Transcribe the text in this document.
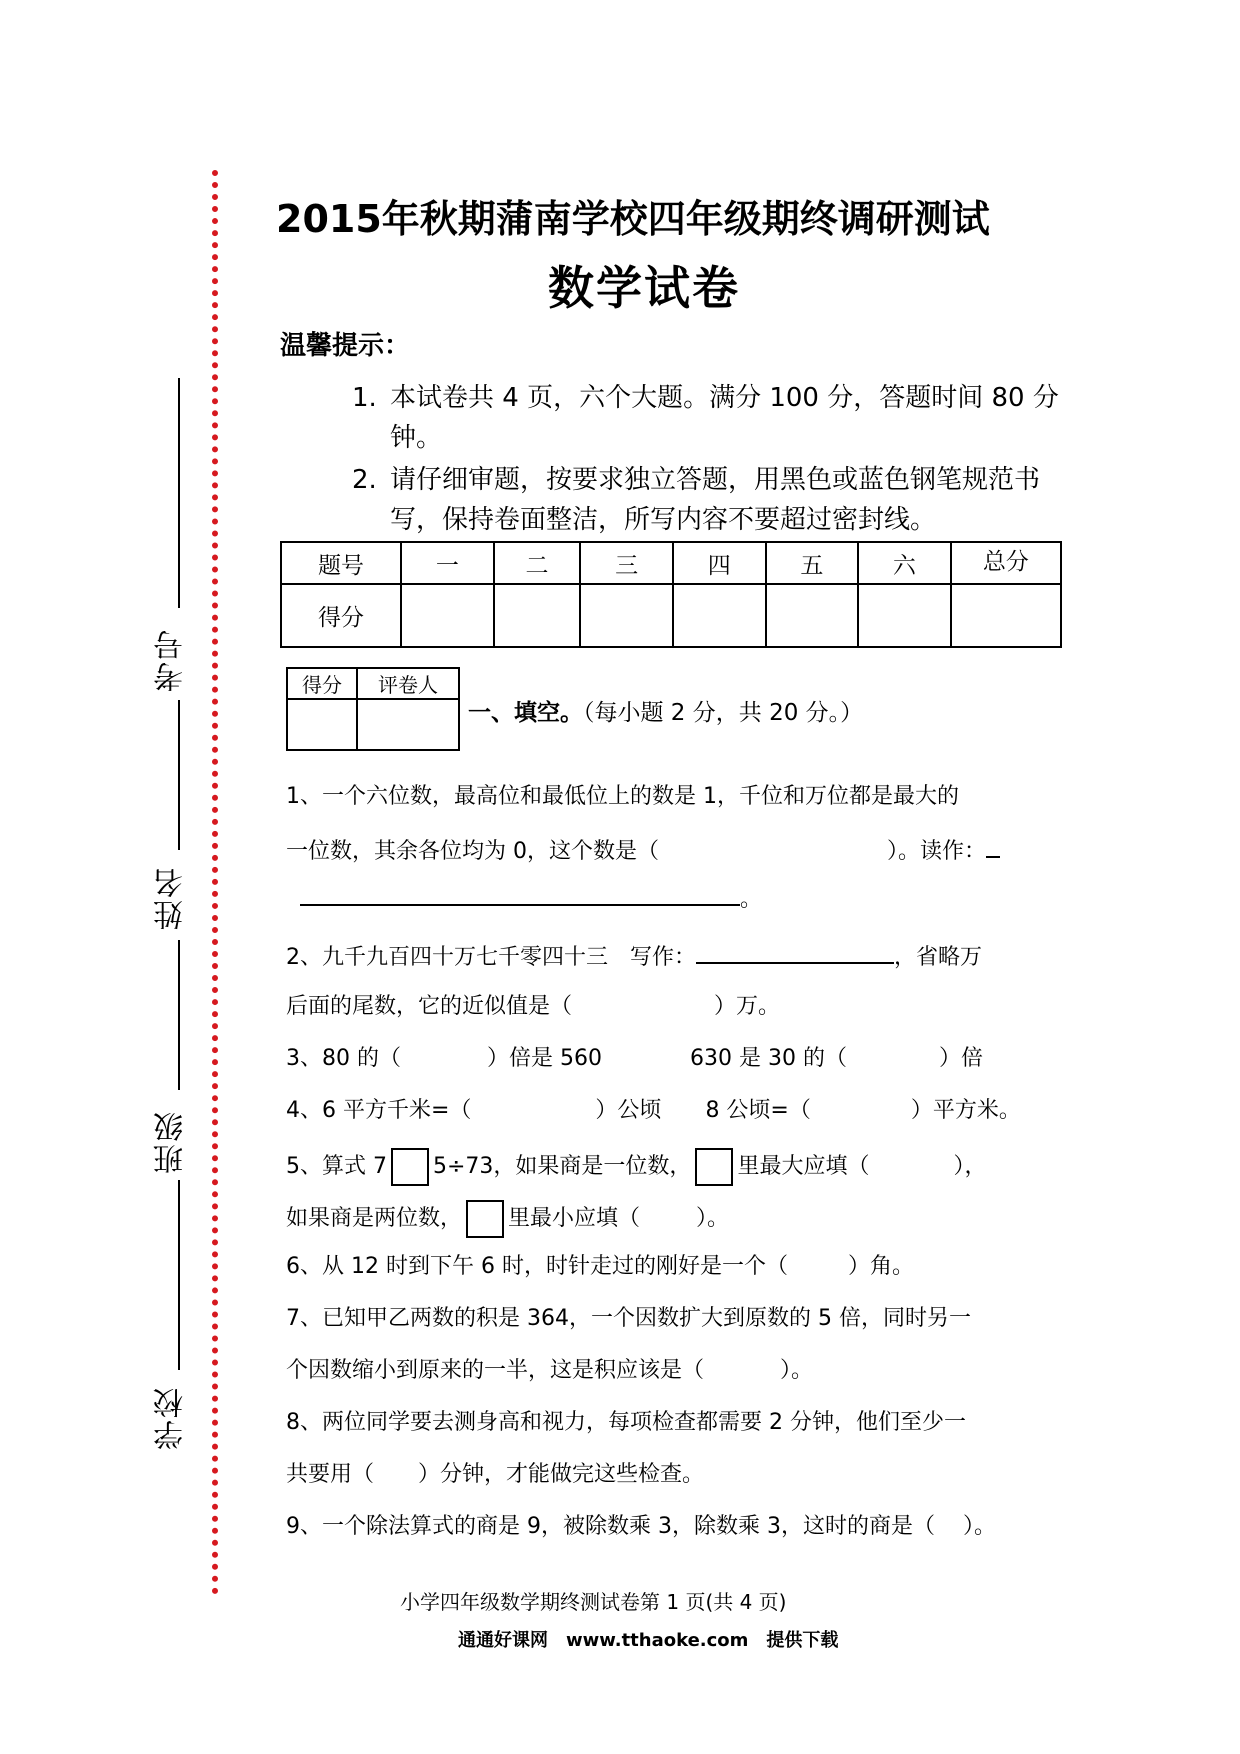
考号
姓名
班级
学校
2015年秋期蒲南学校四年级期终调研测试
数学试卷
温馨提示：
1. 本试卷共 4 页，六个大题。满分 100 分，答题时间 80 分钟。
2. 请仔细审题，按要求独立答题，用黑色或蓝色钢笔规范书写，保持卷面整洁，所写内容不要超过密封线。
题号	一	二	三	四	五	六	总分
得分							
得分	评卷人

一、填空。（每小题 2 分，共 20 分。）
1、一个六位数，最高位和最低位上的数是 1，千位和万位都是最大的
一位数，其余各位均为 0，这个数是（	）。读作：
。
2、九千九百四十万七千零四十三　写作：	，省略万
后面的尾数，它的近似值是（	）万。
3、80 的（	）倍是 560	630 是 30 的（	）倍
4、6 平方千米=（	）公顷 8 公顷=（	）平方米。
5、算式 7 5÷73，如果商是一位数， 里最大应填（	），
如果商是两位数， 里最小应填（	）。
6、从 12 时到下午 6 时，时针走过的刚好是一个（	）角。
7、已知甲乙两数的积是 364，一个因数扩大到原数的 5 倍，同时另一
个因数缩小到原来的一半，这是积应该是（	）。
8、两位同学要去测身高和视力，每项检查都需要 2 分钟，他们至少一
共要用（ ）分钟，才能做完这些检查。
9、一个除法算式的商是 9，被除数乘 3，除数乘 3，这时的商是（ ）。
小学四年级数学期终测试卷第 1 页(共 4 页)
通通好课网　www.tthaoke.com　提供下载
